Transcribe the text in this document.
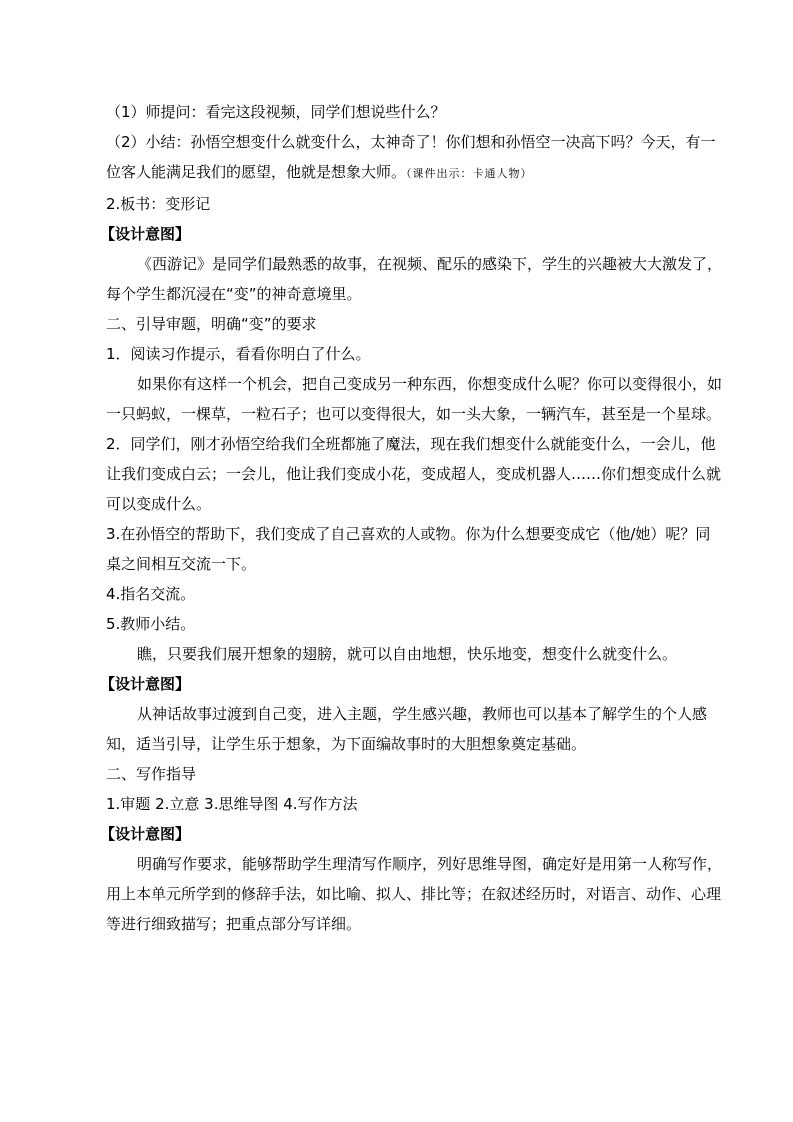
（1）师提问：看完这段视频，同学们想说些什么？

（2）小结：孙悟空想变什么就变什么，太神奇了！你们想和孙悟空一决高下吗？今天，有一位客人能满足我们的愿望，他就是想象大师。（课件出示：卡通人物）

2.板书：变形记

【设计意图】

《西游记》是同学们最熟悉的故事，在视频、配乐的感染下，学生的兴趣被大大激发了，每个学生都沉浸在“变”的神奇意境里。

二、引导审题，明确“变”的要求

1．阅读习作提示，看看你明白了什么。

如果你有这样一个机会，把自己变成另一种东西，你想变成什么呢？你可以变得很小，如一只蚂蚁，一棵草，一粒石子；也可以变得很大，如一头大象，一辆汽车，甚至是一个星球。

2．同学们，刚才孙悟空给我们全班都施了魔法，现在我们想变什么就能变什么，一会儿，他让我们变成白云；一会儿，他让我们变成小花，变成超人，变成机器人……你们想变成什么就可以变成什么。

3.在孙悟空的帮助下，我们变成了自己喜欢的人或物。你为什么想要变成它（他/她）呢？同桌之间相互交流一下。

4.指名交流。

5.教师小结。

瞧，只要我们展开想象的翅膀，就可以自由地想，快乐地变，想变什么就变什么。

【设计意图】

从神话故事过渡到自己变，进入主题，学生感兴趣，教师也可以基本了解学生的个人感知，适当引导，让学生乐于想象，为下面编故事时的大胆想象奠定基础。

二、写作指导

1.审题 2.立意 3.思维导图 4.写作方法

【设计意图】

明确写作要求，能够帮助学生理清写作顺序，列好思维导图，确定好是用第一人称写作，用上本单元所学到的修辞手法，如比喻、拟人、排比等；在叙述经历时，对语言、动作、心理等进行细致描写；把重点部分写详细。
